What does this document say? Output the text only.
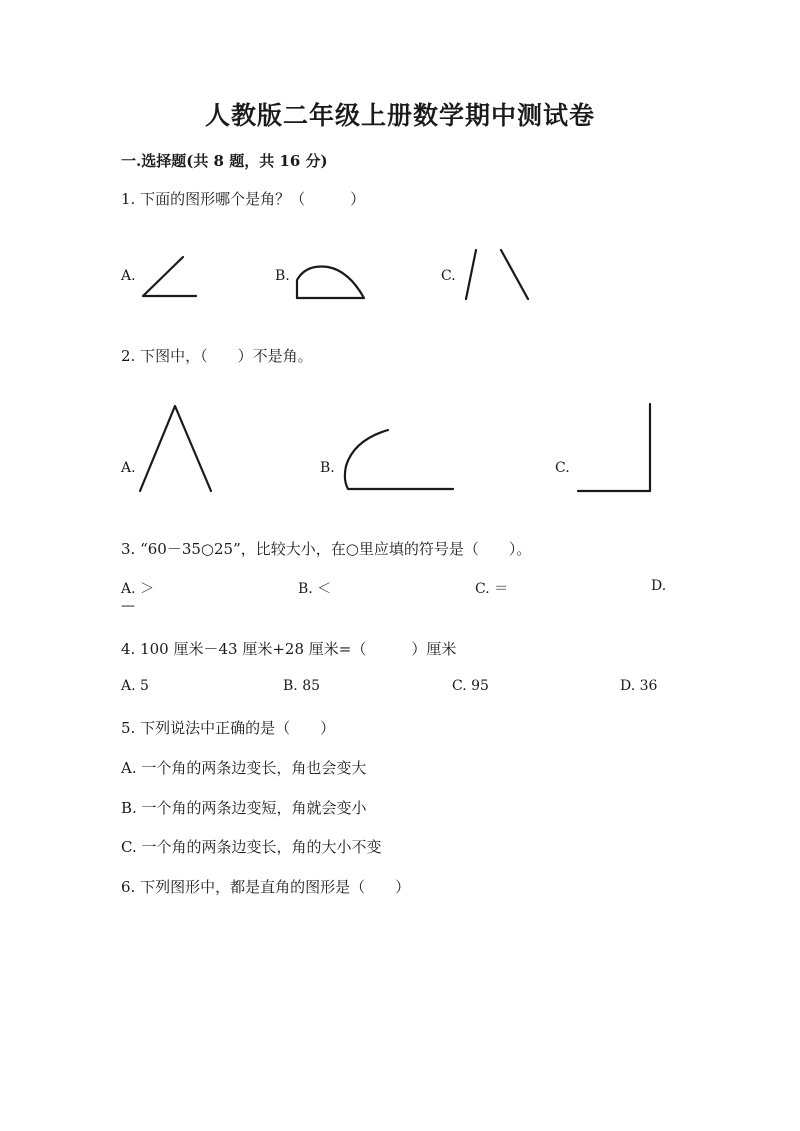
人教版二年级上册数学期中测试卷
一.选择题(共 8 题，共 16 分)
1. 下面的图形哪个是角？（　　　）
A.	B.	C.
2. 下图中，（　　）不是角。
A.	B.	C.
3. “60－35○25”，比较大小，在○里应填的符号是（　　）。
A. ＞	B. ＜	C. ＝	D.
—
4. 100 厘米－43 厘米+28 厘米=（　　　）厘米
A. 5	B. 85	C. 95	D. 36
5. 下列说法中正确的是（　　）
A. 一个角的两条边变长，角也会变大
B. 一个角的两条边变短，角就会变小
C. 一个角的两条边变长，角的大小不变
6. 下列图形中，都是直角的图形是（　　）
